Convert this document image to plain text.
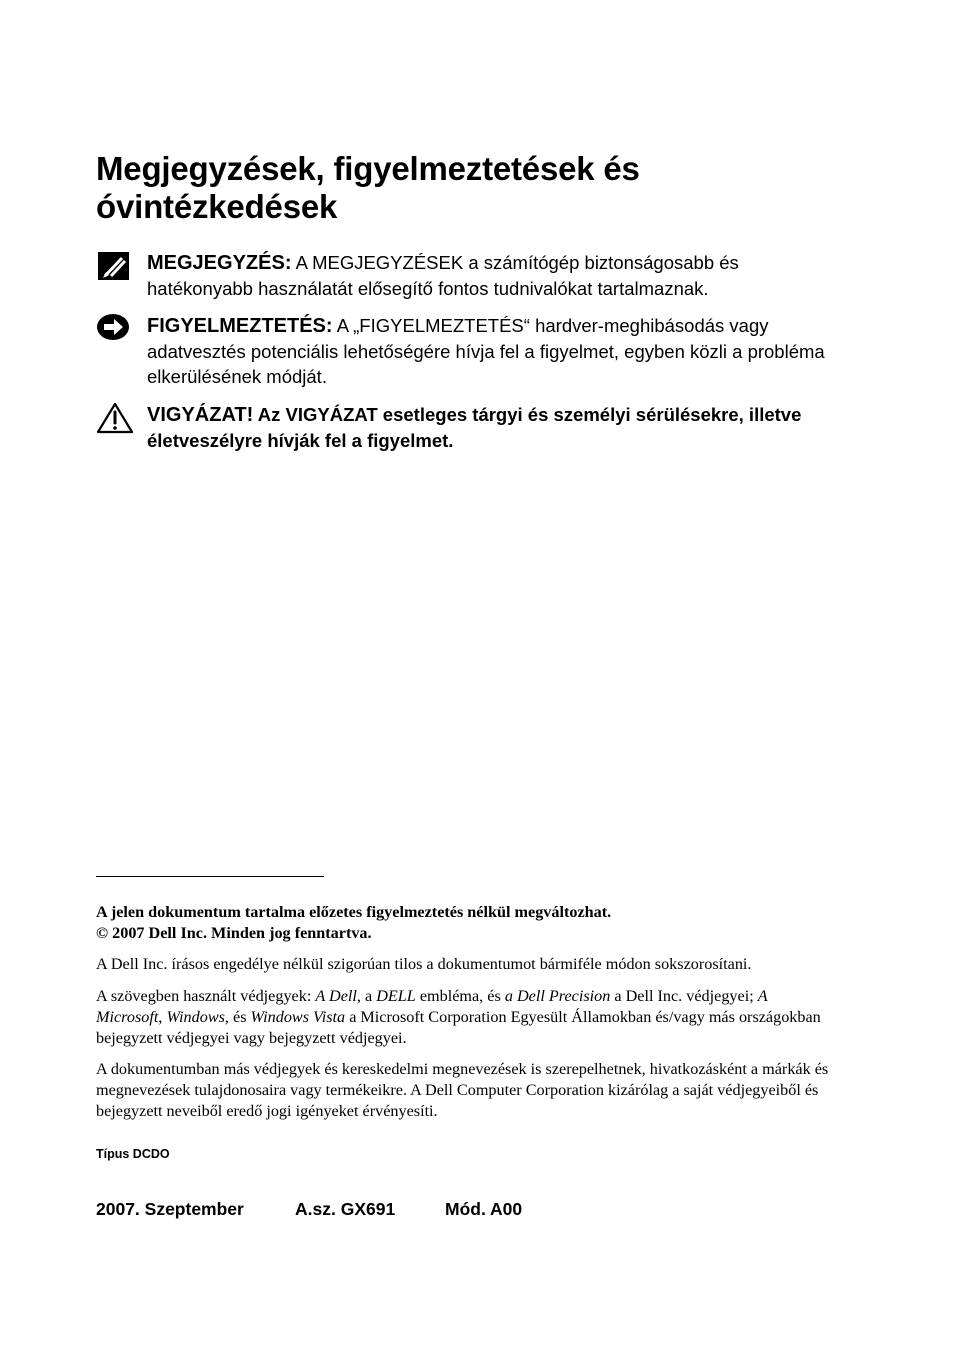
Megjegyzések, figyelmeztetések és óvintézkedések
MEGJEGYZÉS: A MEGJEGYZÉSEK a számítógép biztonságosabb és hatékonyabb használatát elősegítő fontos tudnivalókat tartalmaznak.
FIGYELMEZTETÉS: A „FIGYELMEZTETÉS“ hardver-meghibásodás vagy adatvesztés potenciális lehetőségére hívja fel a figyelmet, egyben közli a probléma elkerülésének módját.
VIGYÁZAT! Az VIGYÁZAT esetleges tárgyi és személyi sérülésekre, illetve életveszélyre hívják fel a figyelmet.

A jelen dokumentum tartalma előzetes figyelmeztetés nélkül megváltozhat.
© 2007 Dell Inc. Minden jog fenntartva.

A Dell Inc. írásos engedélye nélkül szigorúan tilos a dokumentumot bármiféle módon sokszorosítani.

A szövegben használt védjegyek: A Dell, a DELL embléma, és a Dell Precision a Dell Inc. védjegyei; A Microsoft, Windows, és Windows Vista a Microsoft Corporation Egyesült Államokban és/vagy más országokban bejegyzett védjegyei vagy bejegyzett védjegyei.

A dokumentumban más védjegyek és kereskedelmi megnevezések is szerepelhetnek, hivatkozásként a márkák és megnevezések tulajdonosaira vagy termékeikre. A Dell Computer Corporation kizárólag a saját védjegyeiből és bejegyzett neveiből eredő jogi igényeket érvényesíti.

Típus DCDO
2007. Szeptember	A.sz. GX691	Mód. A00
